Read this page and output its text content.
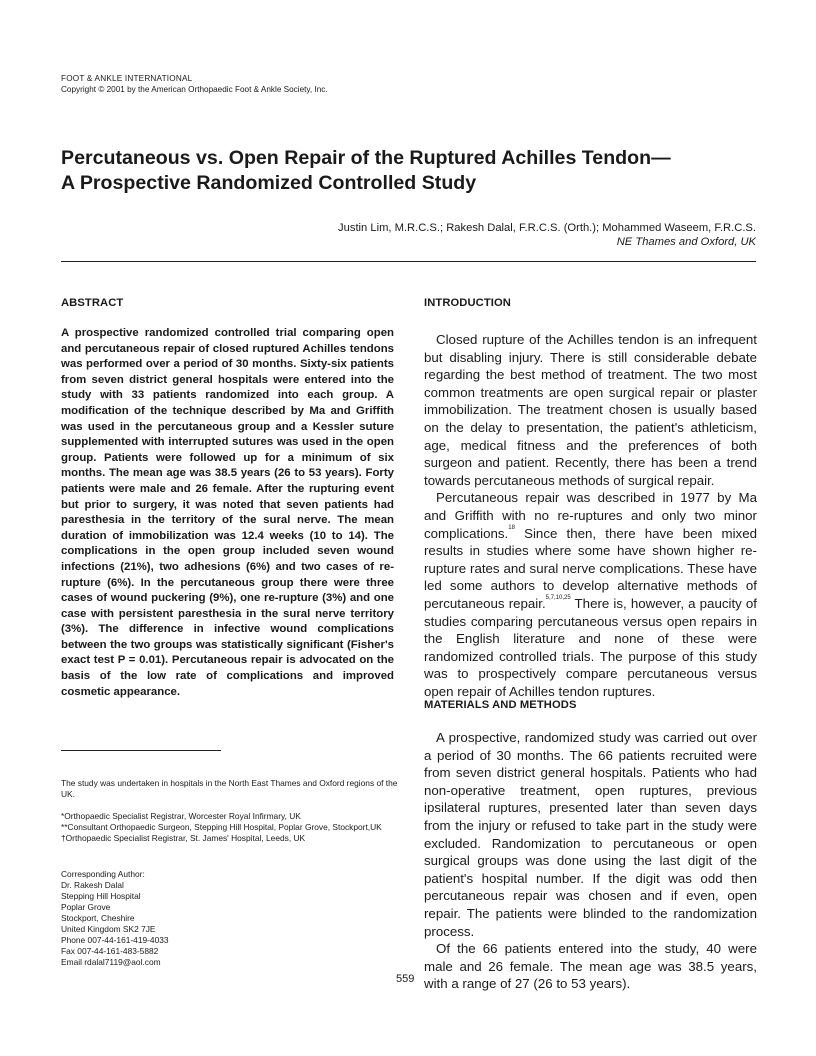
FOOT & ANKLE INTERNATIONAL
Copyright © 2001 by the American Orthopaedic Foot & Ankle Society, Inc.
Percutaneous vs. Open Repair of the Ruptured Achilles Tendon—
A Prospective Randomized Controlled Study
Justin Lim, M.R.C.S.; Rakesh Dalal, F.R.C.S. (Orth.); Mohammed Waseem, F.R.C.S.
NE Thames and Oxford, UK
ABSTRACT
A prospective randomized controlled trial comparing open and percutaneous repair of closed ruptured Achilles tendons was performed over a period of 30 months. Sixty-six patients from seven district general hospitals were entered into the study with 33 patients randomized into each group. A modification of the technique described by Ma and Griffith was used in the percutaneous group and a Kessler suture supplemented with interrupted sutures was used in the open group. Patients were followed up for a minimum of six months. The mean age was 38.5 years (26 to 53 years). Forty patients were male and 26 female. After the rupturing event but prior to surgery, it was noted that seven patients had paresthesia in the territory of the sural nerve. The mean duration of immobilization was 12.4 weeks (10 to 14). The complications in the open group included seven wound infections (21%), two adhesions (6%) and two cases of re-rupture (6%). In the percutaneous group there were three cases of wound puckering (9%), one re-rupture (3%) and one case with persistent paresthesia in the sural nerve territory (3%). The difference in infective wound complications between the two groups was statistically significant (Fisher's exact test P = 0.01). Percutaneous repair is advocated on the basis of the low rate of complications and improved cosmetic appearance.

The study was undertaken in hospitals in the North East Thames and Oxford regions of the UK.

*Orthopaedic Specialist Registrar, Worcester Royal Infirmary, UK

**Consultant Orthopaedic Surgeon, Stepping Hill Hospital, Poplar Grove, Stockport,UK

†Orthopaedic Specialist Registrar, St. James' Hospital, Leeds, UK

Corresponding Author:

Dr. Rakesh Dalal

Stepping Hill Hospital

Poplar Grove

Stockport, Cheshire

United Kingdom SK2 7JE

Phone 007-44-161-419-4033

Fax 007-44-161-483-5882

Email rdalal7119@aol.com

INTRODUCTION

Closed rupture of the Achilles tendon is an infrequent but disabling injury. There is still considerable debate regarding the best method of treatment. The two most common treatments are open surgical repair or plaster immobilization. The treatment chosen is usually based on the delay to presentation, the patient's athleticism, age, medical fitness and the preferences of both surgeon and patient. Recently, there has been a trend towards percutaneous methods of surgical repair.

Percutaneous repair was described in 1977 by Ma and Griffith with no re-ruptures and only two minor complications.$^{18}$ Since then, there have been mixed results in studies where some have shown higher re-rupture rates and sural nerve complications. These have led some authors to develop alternative methods of percutaneous repair.$^{5,7,10,25}$ There is, however, a paucity of studies comparing percutaneous versus open repairs in the English literature and none of these were randomized controlled trials. The purpose of this study was to prospectively compare percutaneous versus open repair of Achilles tendon ruptures.

MATERIALS AND METHODS

A prospective, randomized study was carried out over a period of 30 months. The 66 patients recruited were from seven district general hospitals. Patients who had non-operative treatment, open ruptures, previous ipsilateral ruptures, presented later than seven days from the injury or refused to take part in the study were excluded. Randomization to percutaneous or open surgical groups was done using the last digit of the patient's hospital number. If the digit was odd then percutaneous repair was chosen and if even, open repair. The patients were blinded to the randomization process.

Of the 66 patients entered into the study, 40 were male and 26 female. The mean age was 38.5 years, with a range of 27 (26 to 53 years).

559
